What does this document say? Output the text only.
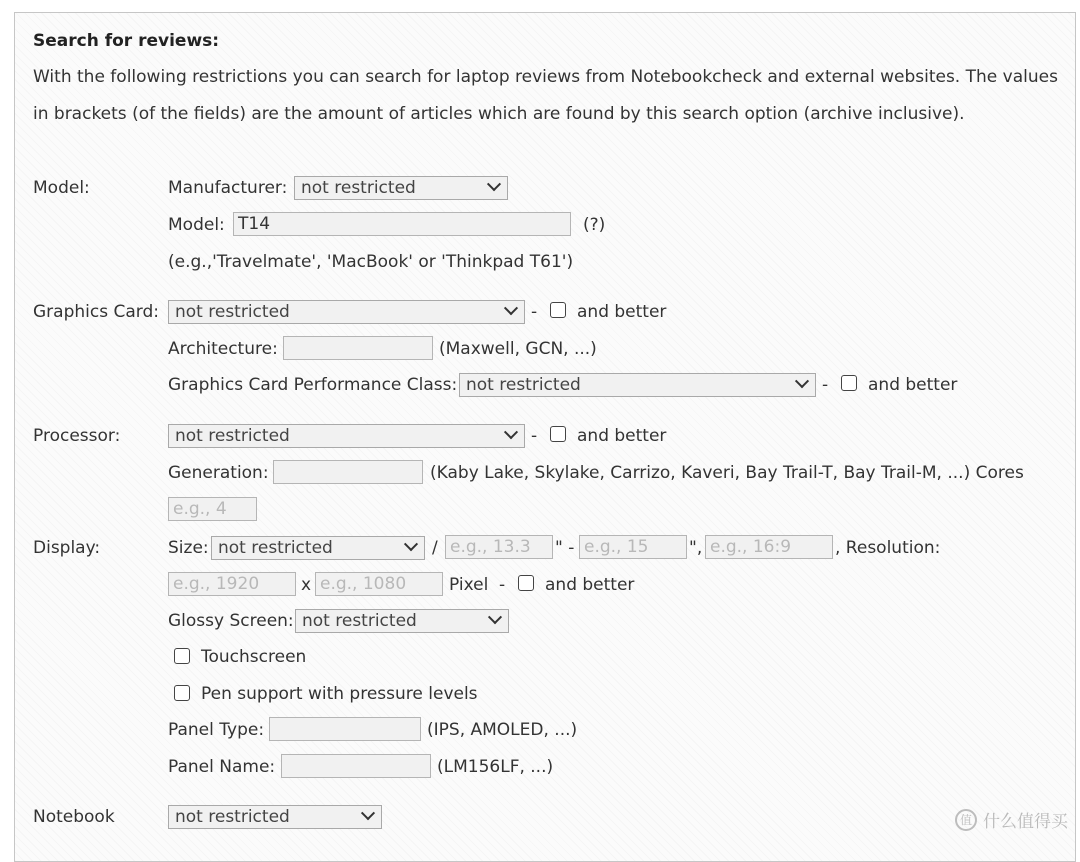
Search for reviews:
With the following restrictions you can search for laptop reviews from Notebookcheck and external websites. The values
in brackets (of the fields) are the amount of articles which are found by this search option (archive inclusive).
Model:	Manufacturer: not restricted
Model: T14	(?)
(e.g.,'Travelmate', 'MacBook' or 'Thinkpad T61')
Graphics Card: not restricted	- and better
Architecture:	(Maxwell, GCN, ...)
Graphics Card Performance Class: not restricted	- and better
Processor:	not restricted	- and better
Generation:	(Kaby Lake, Skylake, Carrizo, Kaveri, Bay Trail-T, Bay Trail-M, ...) Cores
e.g., 4
Display:	Size: not restricted	/ e.g., 13.3	" - e.g., 15	", e.g., 16:9	, Resolution:
e.g., 1920	x e.g., 1080	Pixel - and better
Glossy Screen: not restricted
Touchscreen
Pen support with pressure levels
Panel Type:	(IPS, AMOLED, ...)
Panel Name:	(LM156LF, ...)
Notebook	not restricted	值 什么值得买
